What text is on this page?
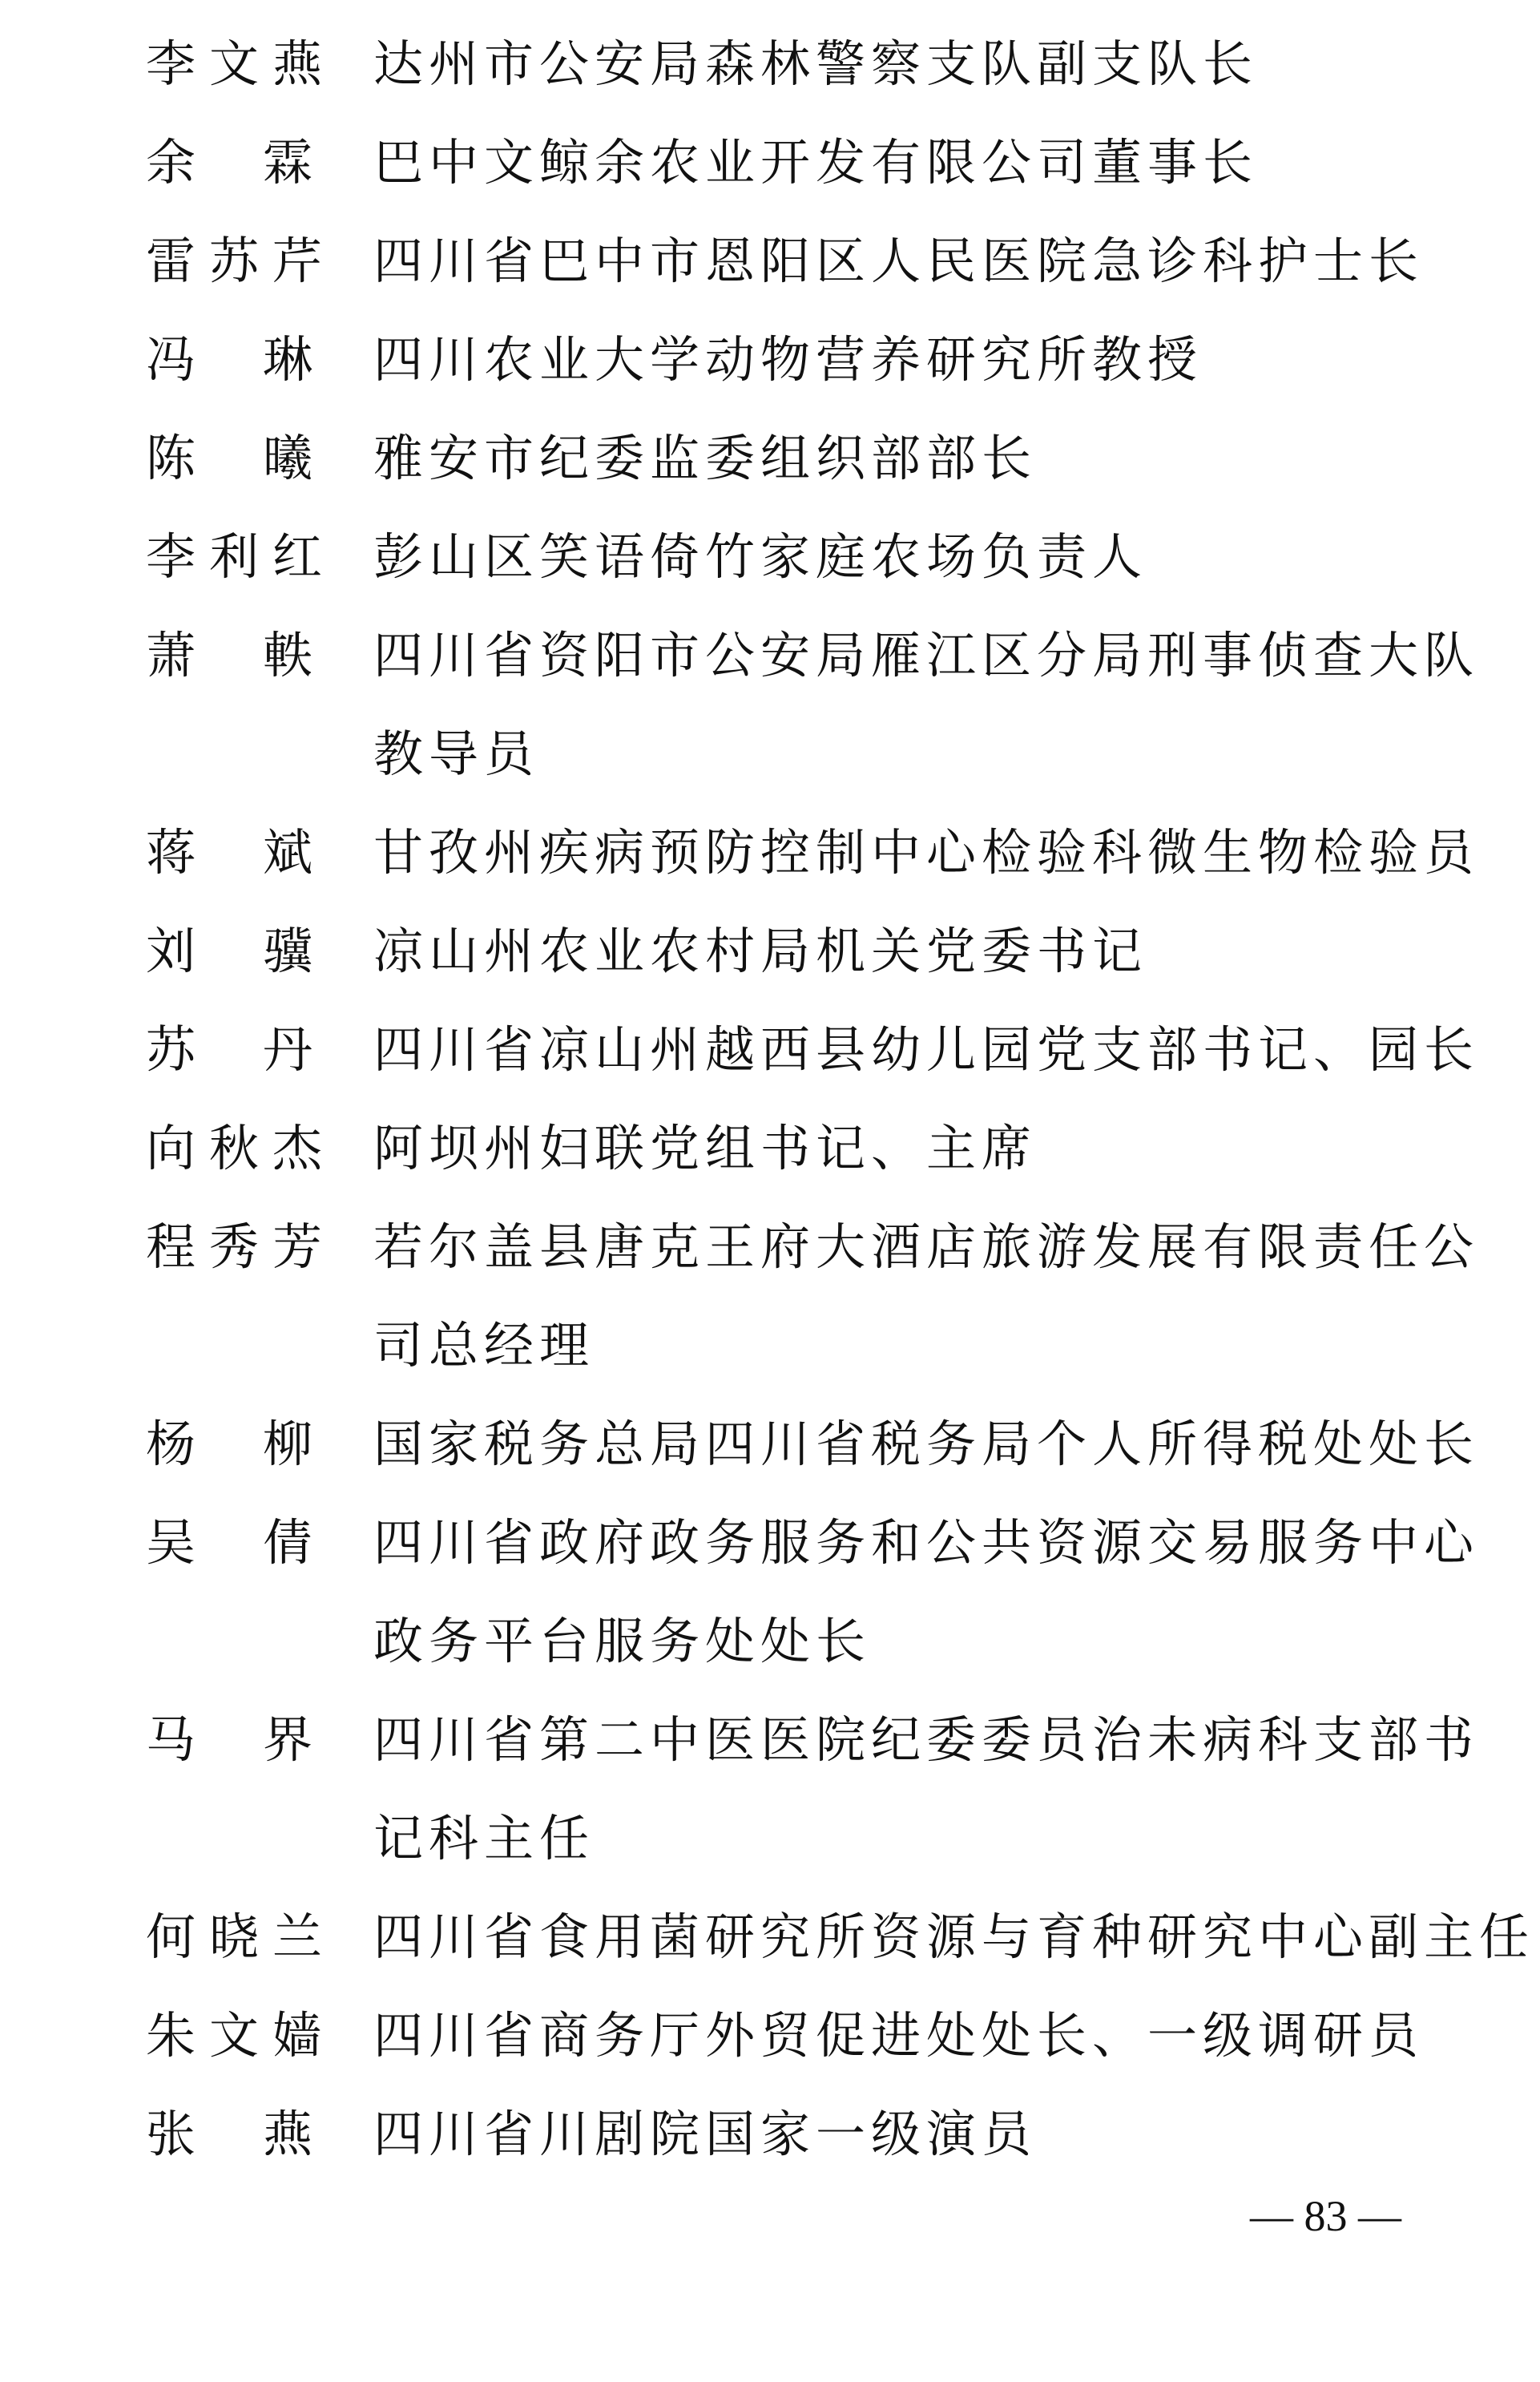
李 文 燕 达州市公安局森林警察支队副支队长
余 霖 巴中文鲸余农业开发有限公司董事长
雷 苏 芹 四川省巴中市恩阳区人民医院急诊科护士长
冯 琳 四川农业大学动物营养研究所教授
陈 曦 雅安市纪委监委组织部部长
李 利 红 彭山区笑语倚竹家庭农场负责人
萧 軼 四川省资阳市公安局雁江区分局刑事侦查大队
教导员
蒋 斌 甘孜州疾病预防控制中心检验科微生物检验员
刘 骥 凉山州农业农村局机关党委书记
苏 丹 四川省凉山州越西县幼儿园党支部书记、园长
向 秋 杰 阿坝州妇联党组书记、主席
程 秀 芳 若尔盖县唐克王府大酒店旅游发展有限责任公
司总经理
杨 柳 国家税务总局四川省税务局个人所得税处处长
吴 倩 四川省政府政务服务和公共资源交易服务中心
政务平台服务处处长
马 界 四川省第二中医医院纪委委员治未病科支部书
记科主任
何 晓 兰 四川省食用菌研究所资源与育种研究中心副主任
朱 文 嫱 四川省商务厅外贸促进处处长、一级调研员
张 燕 四川省川剧院国家一级演员
— 83 —
